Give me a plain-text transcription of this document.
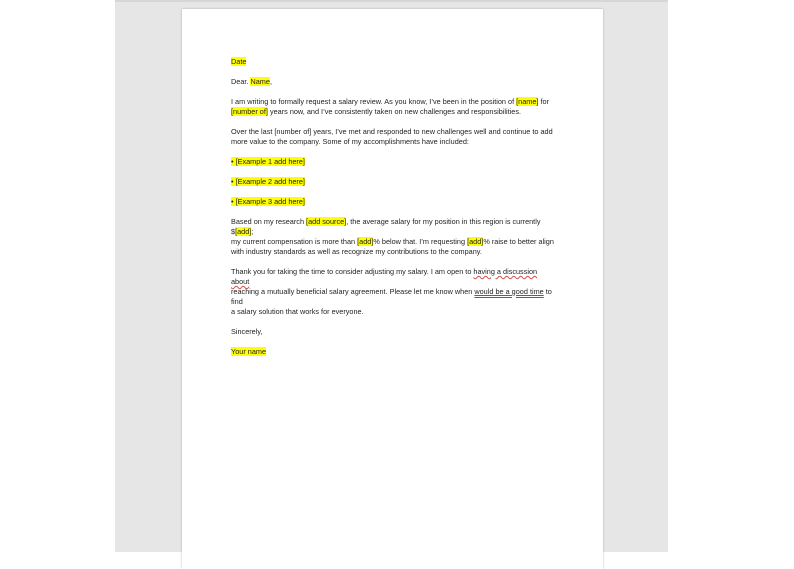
Date

Dear. Name,

I am writing to formally request a salary review. As you know, I’ve been in the position of [name] for
[number of] years now, and I’ve consistently taken on new challenges and responsibilities.

Over the last [number of] years, I’ve met and responded to new challenges well and continue to add
more value to the company. Some of my accomplishments have included:

• [Example 1 add here]

• [Example 2 add here]

• [Example 3 add here]

Based on my research [add source], the average salary for my position in this region is currently $[add];
my current compensation is more than [add]% below that. I’m requesting [add]% raise to better align
with industry standards as well as recognize my contributions to the company.

Thank you for taking the time to consider adjusting my salary. I am open to having a discussion about
reaching a mutually beneficial salary agreement. Please let me know when would be a good time to find
a salary solution that works for everyone.

Sincerely,

Your name
